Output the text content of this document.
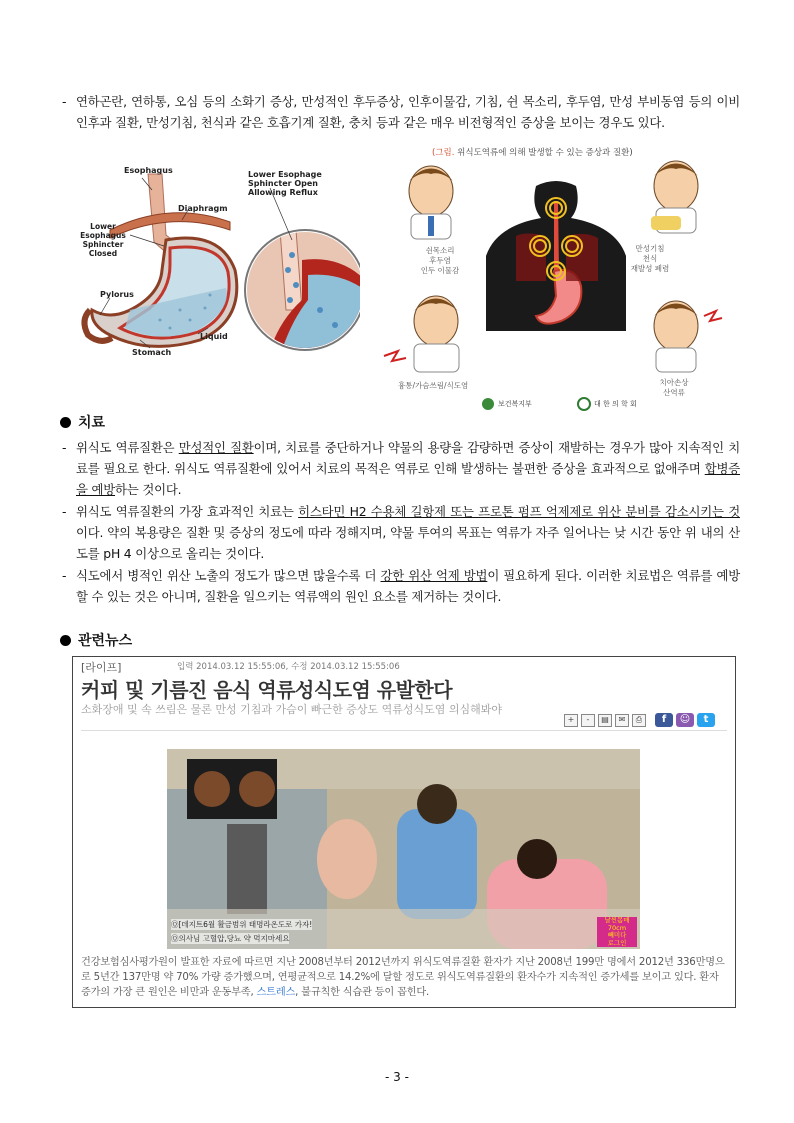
- 연하곤란, 연하통, 오심 등의 소화기 증상, 만성적인 후두증상, 인후이물감, 기침, 쉰 목소리, 후두염, 만성 부비동염 등의 이비인후과 질환, 만성기침, 천식과 같은 호흡기계 질환, 충치 등과 같은 매우 비전형적인 증상을 보이는 경우도 있다.
Esophagus
Diaphragm
Lower Esophagus Sphincter Closed
Lower Esophage
Sphincter Open
Allowing Reflux
Pylorus
Liquid
Stomach
(그림. 위식도역류에 의해 발생할 수 있는 증상과 질환)
쉰목소리
후두염
인두 이물감
만성기침
천식
재발성 폐렴
흉통/가슴쓰림/식도염	치아손상
산역류
보건복지부	대 한 의 학 회
치료
- 위식도 역류질환은 만성적인 질환이며, 치료를 중단하거나 약물의 용량을 감량하면 증상이 재발하는 경우가 많아 지속적인 치료를 필요로 한다. 위식도 역류질환에 있어서 치료의 목적은 역류로 인해 발생하는 불편한 증상을 효과적으로 없애주며 합병증을 예방하는 것이다.
- 위식도 역류질환의 가장 효과적인 치료는 히스타민 H2 수용체 길항제 또는 프로톤 펌프 억제제로 위산 분비를 감소시키는 것이다. 약의 복용량은 질환 및 증상의 정도에 따라 정해지며, 약물 투여의 목표는 역류가 자주 일어나는 낮 시간 동안 위 내의 산도를 pH 4 이상으로 올리는 것이다.
- 식도에서 병적인 위산 노출의 정도가 많으면 많을수록 더 강한 위산 억제 방법이 필요하게 된다. 이러한 치료법은 역류를 예방할 수 있는 것은 아니며, 질환을 일으키는 역류액의 원인 요소를 제거하는 것이다.
관련뉴스
[라이프]	입력 2014.03.12 15:55:06, 수정 2014.03.12 15:55:06
커피 및 기름진 음식 역류성식도염 유발한다
소화장애 및 속 쓰림은 물론 만성 기침과 가슴이 빠근한 증상도 역류성식도염 의심해봐야
+	-	▤	✉	⎙	f	☺	t
Ⓠ[데지트6월 활금범위 태명라온도로 가자!
Ⓠ의사님 고혈압,당뇨 약 먹지마세요
날씬몸매
70cm
빼미다
로그인
건강보험심사평가원이 발표한 자료에 따르면 지난 2008년부터 2012년까지 위식도역류질환 환자가 지난 2008년 199만 명에서 2012년 336만명으로 5년간 137만명 약 70% 가량 증가했으며, 연평균적으로 14.2%에 달할 정도로 위식도역류질환의 환자수가 지속적인 증가세를 보이고 있다. 환자 증가의 가장 큰 원인은 비만과 운동부족, 스트레스, 불규칙한 식습관 등이 꼽힌다.
- 3 -
